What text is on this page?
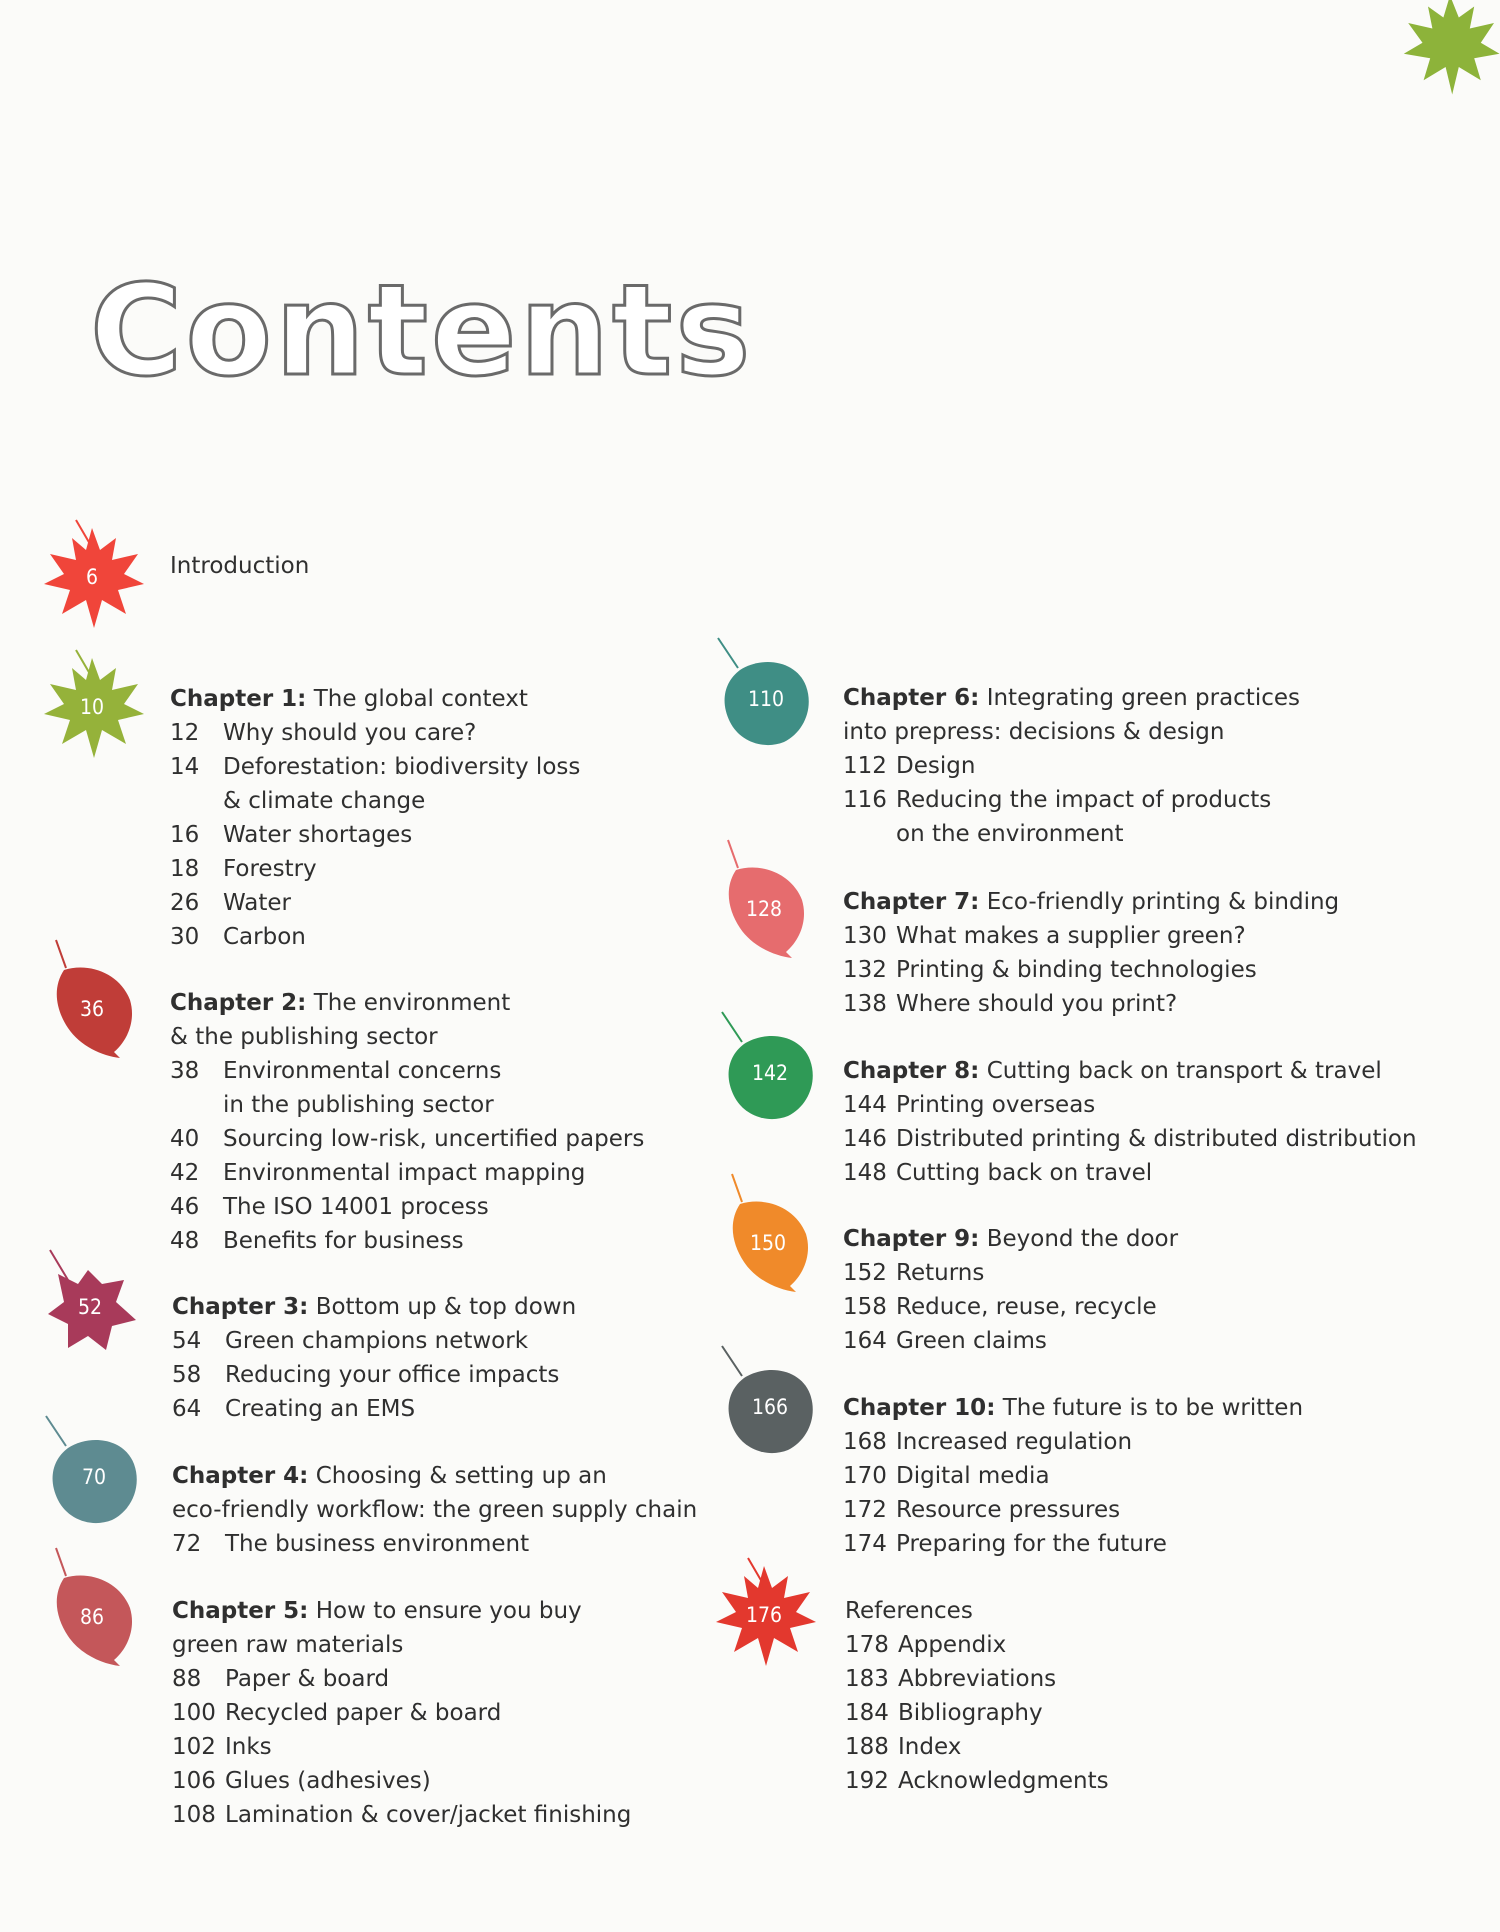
Contents
6	Introduction
10	Chapter 1: The global context
12	Why should you care?
14	Deforestation: biodiversity loss
& climate change
16	Water shortages
18	Forestry
26	Water
30	Carbon
36	Chapter 2: The environment
& the publishing sector
38	Environmental concerns
in the publishing sector
40	Sourcing low-risk, uncertified papers
42	Environmental impact mapping
46	The ISO 14001 process
48	Benefits for business
52	Chapter 3: Bottom up & top down
54	Green champions network
58	Reducing your office impacts
64	Creating an EMS
70	Chapter 4: Choosing & setting up an
eco-friendly workflow: the green supply chain
72	The business environment
86	Chapter 5: How to ensure you buy
green raw materials
88	Paper & board
100 Recycled paper & board
102 Inks
106 Glues (adhesives)
108 Lamination & cover/jacket finishing
110	Chapter 6: Integrating green practices
into prepress: decisions & design
112 Design
116 Reducing the impact of products
on the environment
128	Chapter 7: Eco-friendly printing & binding
130 What makes a supplier green?
132 Printing & binding technologies
138 Where should you print?
142 Chapter 8: Cutting back on transport & travel
144 Printing overseas
146 Distributed printing & distributed distribution
148 Cutting back on travel
150 Chapter 9: Beyond the door
152 Returns
158 Reduce, reuse, recycle
164 Green claims
166 Chapter 10: The future is to be written
168 Increased regulation
170 Digital media
172 Resource pressures
174 Preparing for the future
176	References
178 Appendix
183 Abbreviations
184 Bibliography
188 Index
192 Acknowledgments
